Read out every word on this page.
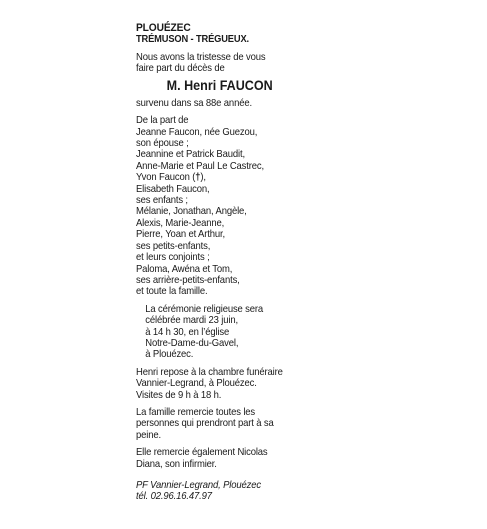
PLOUÉZEC
TRÉMUSON - TRÉGUEUX.
Nous avons la tristesse de vous
faire part du décès de
M. Henri FAUCON
survenu dans sa 88e année.
De la part de
Jeanne Faucon, née Guezou,
son épouse ;
Jeannine et Patrick Baudit,
Anne-Marie et Paul Le Castrec,
Yvon Faucon (†),
Elisabeth Faucon,
ses enfants ;
Mélanie, Jonathan, Angèle,
Alexis, Marie-Jeanne,
Pierre, Yoan et Arthur,
ses petits-enfants,
et leurs conjoints ;
Paloma, Awéna et Tom,
ses arrière-petits-enfants,
et toute la famille.
La cérémonie religieuse sera
célébrée mardi 23 juin,
à 14 h 30, en l’église
Notre-Dame-du-Gavel,
à Plouézec.
Henri repose à la chambre funéraire
Vannier-Legrand, à Plouézec.
Visites de 9 h à 18 h.
La famille remercie toutes les
personnes qui prendront part à sa
peine.
Elle remercie également Nicolas
Diana, son infirmier.
PF Vannier-Legrand, Plouézec
tél. 02.96.16.47.97
